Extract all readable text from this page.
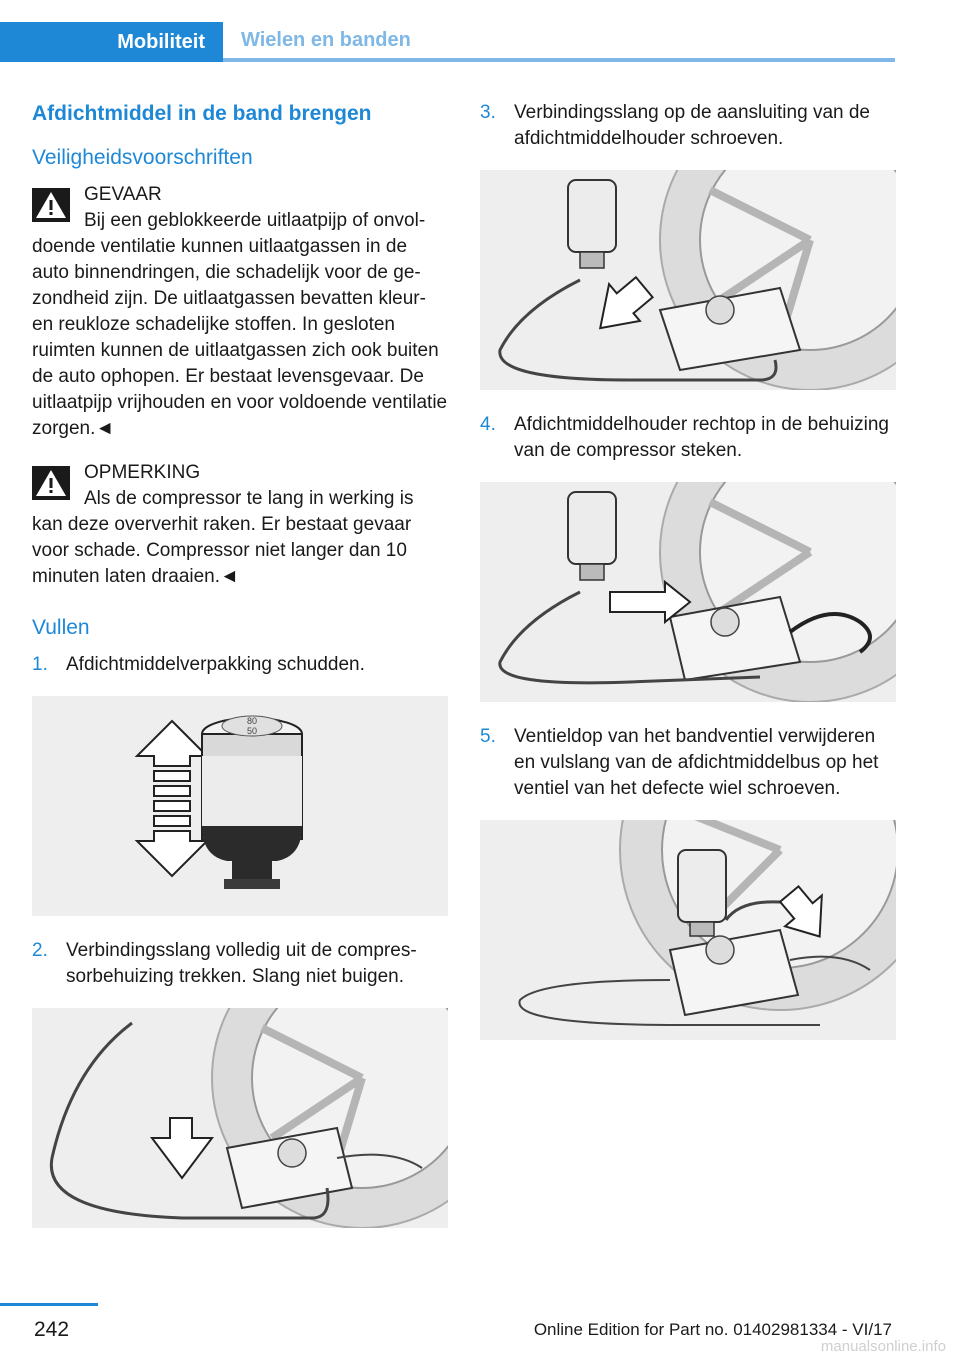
Mobiliteit	Wielen en banden
Afdichtmiddel in de band brengen
Veiligheidsvoorschriften
GEVAAR
Bij een geblokkeerde uitlaatpijp of onvoldoende ventilatie kunnen uitlaatgassen in de auto binnendringen, die schadelijk voor de gezondheid zijn. De uitlaatgassen bevatten kleur- en reukloze schadelijke stoffen. In gesloten ruimten kunnen de uitlaatgassen zich ook buiten de auto ophopen. Er bestaat levensgevaar. De uitlaatpijp vrijhouden en voor voldoende ventilatie zorgen.◄
OPMERKING
Als de compressor te lang in werking is kan deze oververhit raken. Er bestaat gevaar voor schade. Compressor niet langer dan 10 minuten laten draaien.◄
Vullen
1. Afdichtmiddelverpakking schudden.
80
50
2. Verbindingsslang volledig uit de compressorbehuizing trekken. Slang niet buigen.
3. Verbindingsslang op de aansluiting van de afdichtmiddelhouder schroeven.
4. Afdichtmiddelhouder rechtop in de behuizing van de compressor steken.
5. Ventieldop van het bandventiel verwijderen en vulslang van de afdichtmiddelbus op het ventiel van het defecte wiel schroeven.
242	Online Edition for Part no. 01402981334 - VI/17
manualsonline.info
